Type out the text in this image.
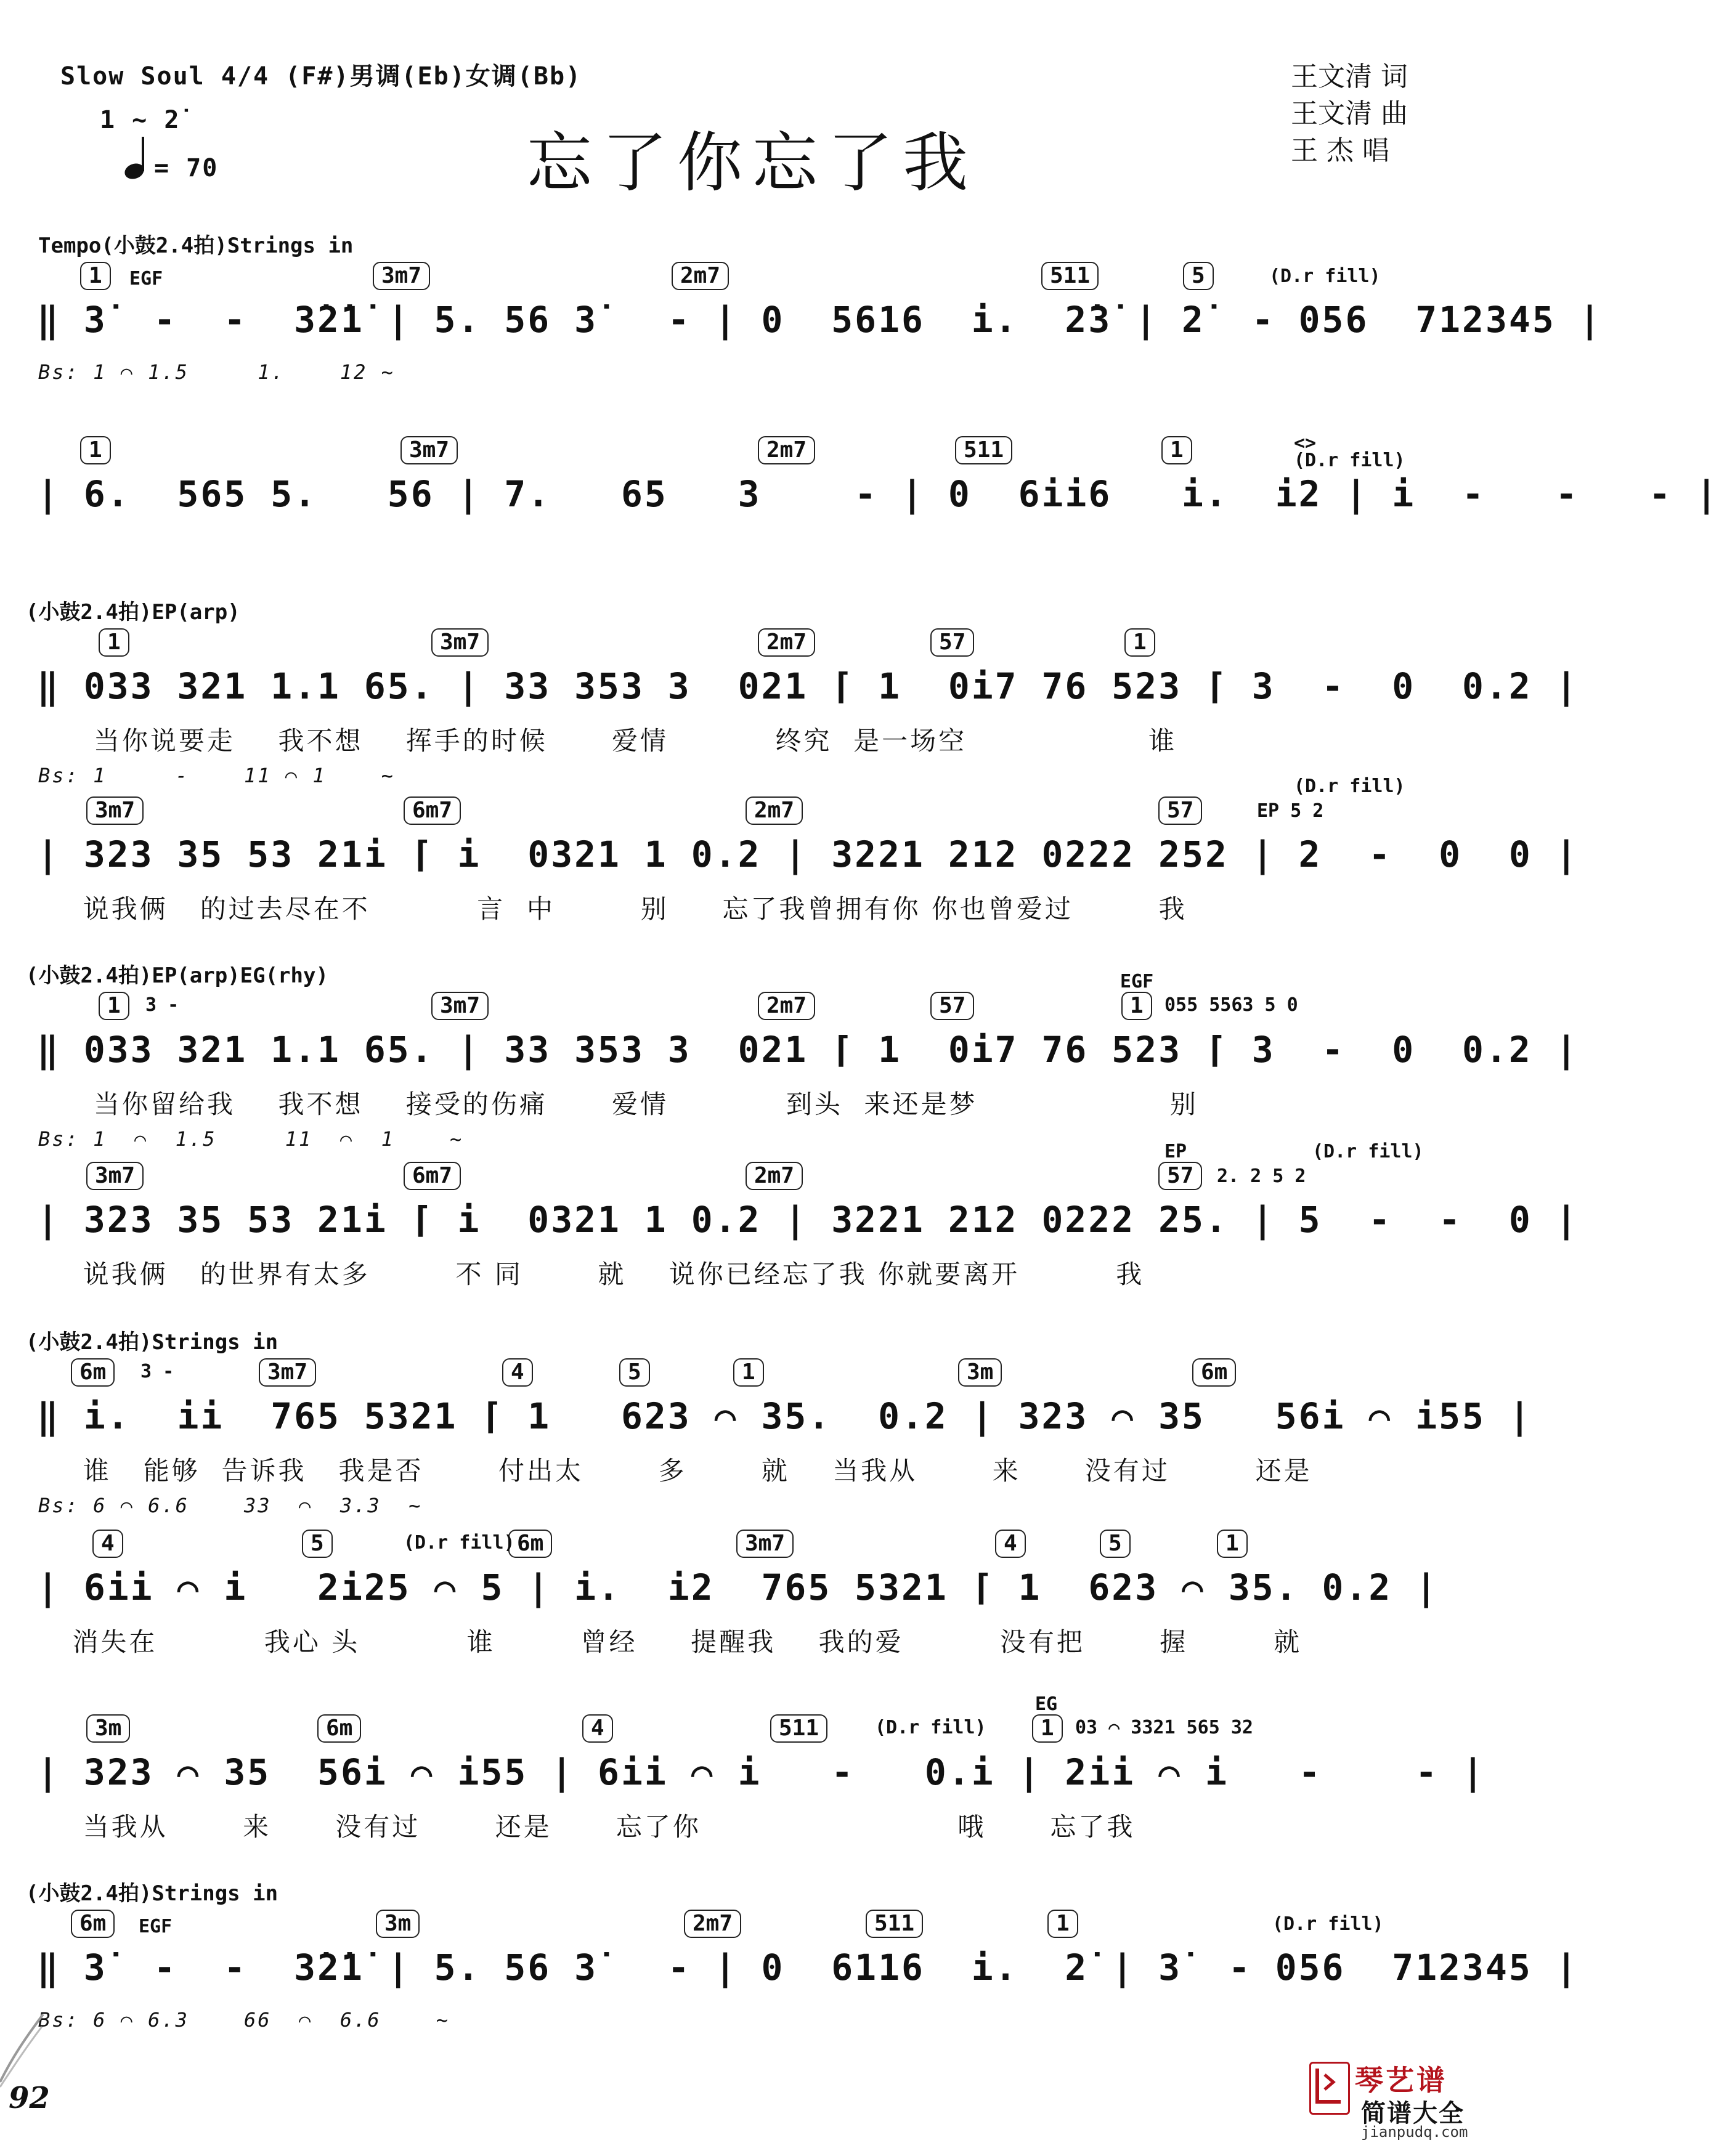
Slow Soul 4/4 (F#)男调(Eb)女调(Bb)
1 ~ 2̇
= 70	忘了你忘了我
王文清 词
王文清 曲
王 杰 唱
Tempo(小鼓2.4拍)Strings in
1	3m7	2m7	511	5
EGF	(D.r fill)
‖ 3̇  -  -  3̇2̇1̇ | 5. 56 3̇   - | 0  5616  i.  2̇3̇ | 2̇  - 056  712345 |
Bs: 1 ⌒ 1.5     1.    12 ~
1	3m7	2m7	511	1	<>
(D.r fill)
| 6.  565 5.   56 | 7.   65   3    - | 0  6ii6   i.  i2 | i  -   -   - |
(小鼓2.4拍)EP(arp)
1	3m7	2m7	57	1
‖ 033 321 1.1 65. | 33 353 3  021 ⌈ 1  0i7 76 523 ⌈ 3  -  0  0.2 |
当你说要走    我不想    挥手的时候      爱情          终究  是一场空                 谁
Bs: 1     -    11 ⌒ 1    ~
3m7	6m7	2m7	57
(D.r fill)
EP 5 2
| 323 35 53 21i ⌈ i  0321 1 0.2 | 3221 212 0222 252 | 2  -  0  0 |
说我俩   的过去尽在不          言  中        别     忘了我曾拥有你 你也曾爱过        我
(小鼓2.4拍)EP(arp)EG(rhy)
1	3m7	2m7	57	1
3 -
EGF
055 5563 5 0
‖ 033 321 1.1 65. | 33 353 3  021 ⌈ 1  0i7 76 523 ⌈ 3  -  0  0.2 |
当你留给我    我不想    接受的伤痛      爱情           到头  来还是梦                  别
Bs: 1  ⌒  1.5     11  ⌒  1    ~
3m7	6m7	2m7	57
EP	(D.r fill)
2. 2 5 2
| 323 35 53 21i ⌈ i  0321 1 0.2 | 3221 212 0222 25. | 5  -  -  0 |
说我俩   的世界有太多        不 同       就    说你已经忘了我 你就要离开         我
(小鼓2.4拍)Strings in
6m	3m7	4	5	1	3m	6m
3 -
‖ i.  ii  765 5321 ⌈ 1   623 ⌒ 35.  0.2 | 323 ⌒ 35   56i ⌒ i55 |
谁   能够  告诉我   我是否       付出太       多       就    当我从       来      没有过        还是
Bs: 6 ⌒ 6.6    33  ⌒  3.3  ~
4	5	6m	3m7	4	5	1
(D.r fill)
| 6ii ⌒ i   2i25 ⌒ 5 | i.  i2  765 5321 ⌈ 1  623 ⌒ 35. 0.2 |
消失在          我心 头          谁        曾经     提醒我    我的爱         没有把       握        就
3m	6m	4	511	1
(D.r fill)
EG
03 ⌒ 3321 565 32
| 323 ⌒ 35  56i ⌒ i55 | 6ii ⌒ i   -   0.i | 2ii ⌒ i   -    - |
当我从       来      没有过       还是      忘了你                        哦      忘了我
(小鼓2.4拍)Strings in
6m	3m	2m7	511	1
EGF	(D.r fill)
‖ 3̇  -  -  3̇2̇1̇ | 5. 56 3̇   - | 0  6116  i.  2̇ | 3̇  - 056  712345 |
Bs: 6 ⌒ 6.3    66  ⌒  6.6    ~
92
琴艺谱
简谱大全
jianpudq.com
